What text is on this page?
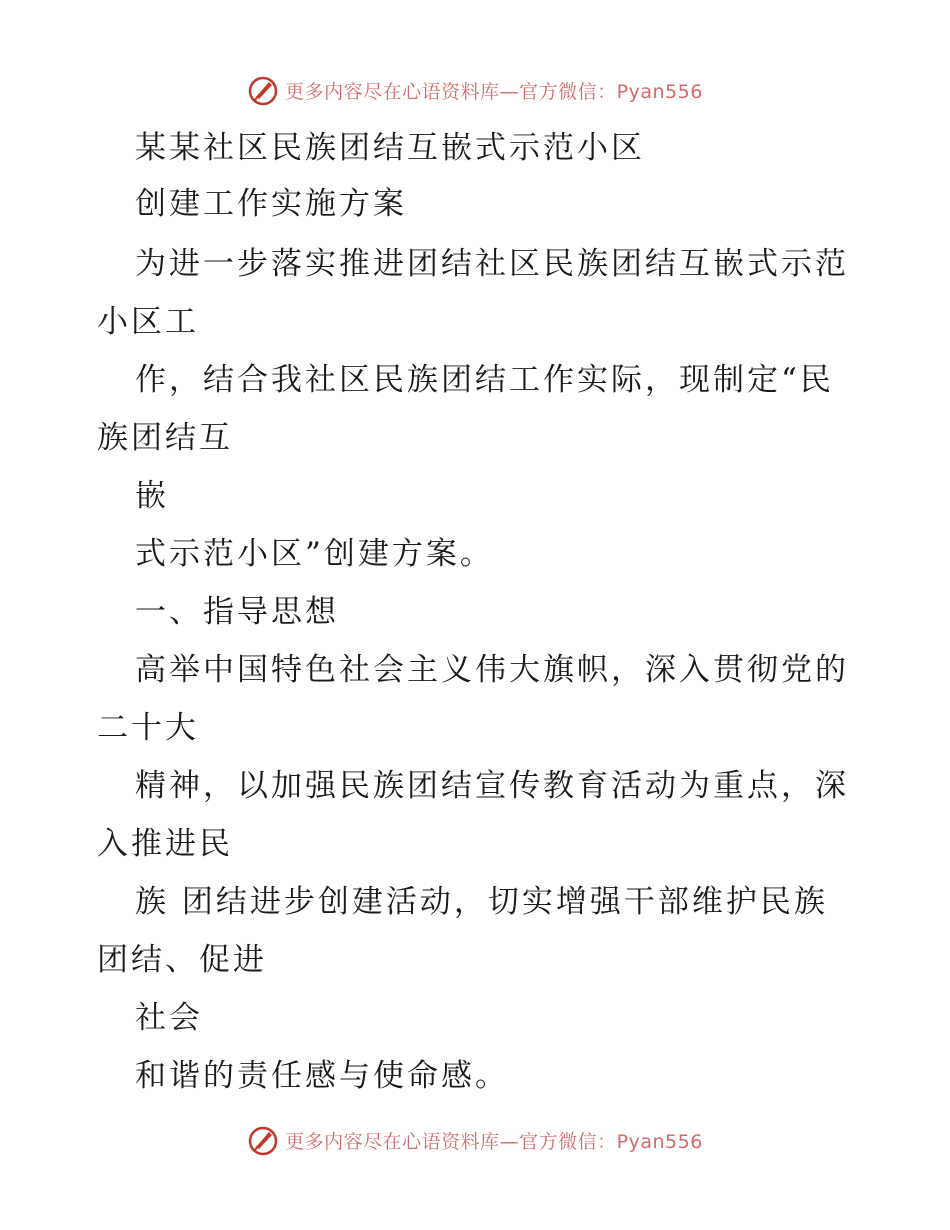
更多内容尽在心语资料库—官方微信：Pyan556
某某社区民族团结互嵌式示范小区
创建工作实施方案
为进一步落实推进团结社区民族团结互嵌式示范
小区工
作，结合我社区民族团结工作实际，现制定“民
族团结互
嵌
式示范小区”创建方案。
一、指导思想
高举中国特色社会主义伟大旗帜，深入贯彻党的
二十大
精神，以加强民族团结宣传教育活动为重点，深
入推进民
族 团结进步创建活动，切实增强干部维护民族
团结、促进
社会
和谐的责任感与使命感。
更多内容尽在心语资料库—官方微信：Pyan556
